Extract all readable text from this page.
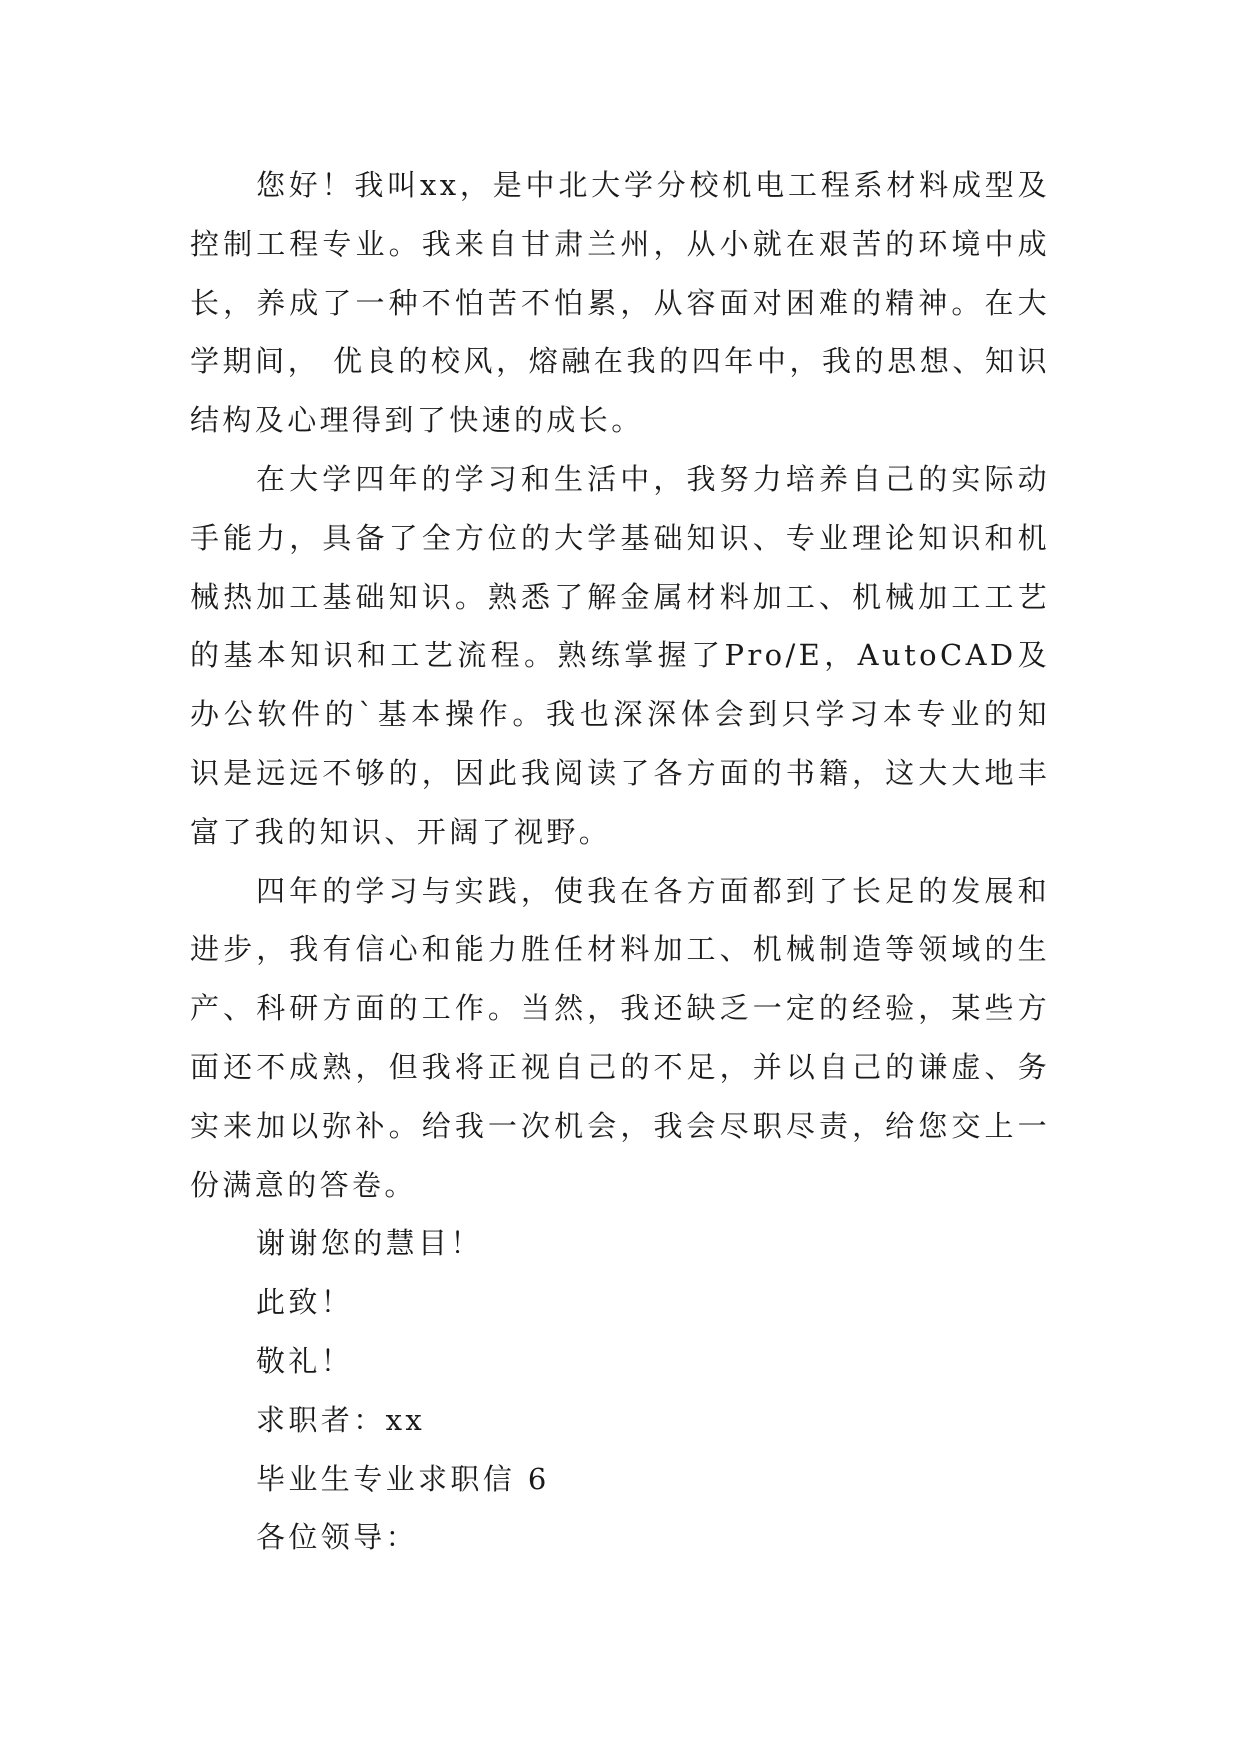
您好！我叫xx，是中北大学分校机电工程系材料成型及控制工程专业。我来自甘肃兰州，从小就在艰苦的环境中成长，养成了一种不怕苦不怕累，从容面对困难的精神。在大学期间， 优良的校风，熔融在我的四年中，我的思想、知识结构及心理得到了快速的成长。

在大学四年的学习和生活中，我努力培养自己的实际动手能力，具备了全方位的大学基础知识、专业理论知识和机械热加工基础知识。熟悉了解金属材料加工、机械加工工艺的基本知识和工艺流程。熟练掌握了Pro/E，AutoCAD及办公软件的`基本操作。我也深深体会到只学习本专业的知识是远远不够的，因此我阅读了各方面的书籍，这大大地丰富了我的知识、开阔了视野。

四年的学习与实践，使我在各方面都到了长足的发展和进步，我有信心和能力胜任材料加工、机械制造等领域的生产、科研方面的工作。当然，我还缺乏一定的经验，某些方面还不成熟，但我将正视自己的不足，并以自己的谦虚、务实来加以弥补。给我一次机会，我会尽职尽责，给您交上一份满意的答卷。

谢谢您的慧目！

此致！

敬礼！

求职者：xx

毕业生专业求职信 6

各位领导：
